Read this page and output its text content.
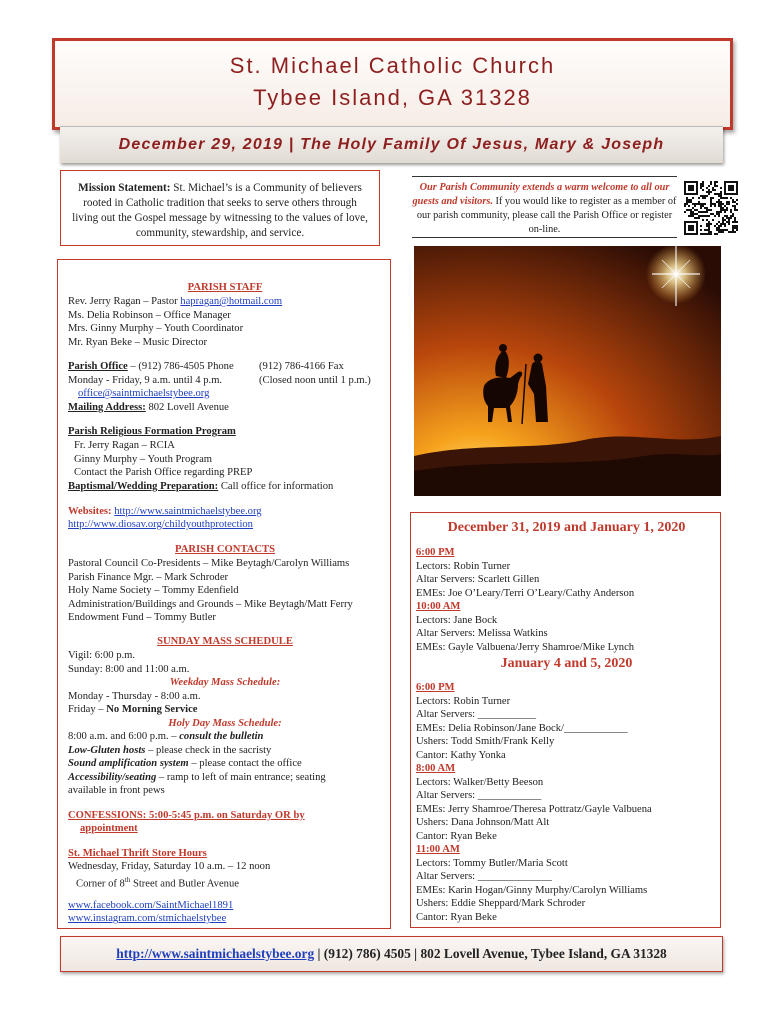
St. Michael Catholic Church
Tybee Island, GA 31328
December 29, 2019 | The Holy Family Of Jesus, Mary & Joseph
Mission Statement: St. Michael’s is a Community of believers rooted in Catholic tradition that seeks to serve others through living out the Gospel message by witnessing to the values of love, community, stewardship, and service.
Our Parish Community extends a warm welcome to all our guests and visitors. If you would like to register as a member of our parish community, please call the Parish Office or register on-line.
PARISH STAFF
Rev. Jerry Ragan – Pastor hapragan@hotmail.com
Ms. Delia Robinson – Office Manager
Mrs. Ginny Murphy – Youth Coordinator
Mr. Ryan Beke – Music Director
Parish Office – (912) 786-4505 Phone (912) 786-4166 Fax
Monday - Friday, 9 a.m. until 4 p.m.	(Closed noon until 1 p.m.)
office@saintmichaelstybee.org
Mailing Address: 802 Lovell Avenue
Parish Religious Formation Program
Fr. Jerry Ragan – RCIA
Ginny Murphy – Youth Program
Contact the Parish Office regarding PREP
Baptismal/Wedding Preparation: Call office for information
Websites: http://www.saintmichaelstybee.org
http://www.diosav.org/childyouthprotection
PARISH CONTACTS
Pastoral Council Co-Presidents – Mike Beytagh/Carolyn Williams
Parish Finance Mgr. – Mark Schroder
Holy Name Society – Tommy Edenfield
Administration/Buildings and Grounds – Mike Beytagh/Matt Ferry
Endowment Fund – Tommy Butler
SUNDAY MASS SCHEDULE
Vigil: 6:00 p.m.
Sunday: 8:00 and 11:00 a.m.
Weekday Mass Schedule:
Monday - Thursday - 8:00 a.m.
Friday – No Morning Service
Holy Day Mass Schedule:
8:00 a.m. and 6:00 p.m. – consult the bulletin
Low-Gluten hosts – please check in the sacristy
Sound amplification system – please contact the office
Accessibility/seating – ramp to left of main entrance; seating
available in front pews
CONFESSIONS: 5:00-5:45 p.m. on Saturday OR by
appointment
St. Michael Thrift Store Hours
Wednesday, Friday, Saturday 10 a.m. – 12 noon
Corner of 8th Street and Butler Avenue
www.facebook.com/SaintMichael1891
www.instagram.com/stmichaelstybee
December 31, 2019 and January 1, 2020
6:00 PM
Lectors: Robin Turner
Altar Servers: Scarlett Gillen
EMEs: Joe O’Leary/Terri O’Leary/Cathy Anderson
10:00 AM
Lectors: Jane Bock
Altar Servers: Melissa Watkins
EMEs: Gayle Valbuena/Jerry Shamroe/Mike Lynch
January 4 and 5, 2020
6:00 PM
Lectors: Robin Turner
Altar Servers: ___________
EMEs: Delia Robinson/Jane Bock/____________
Ushers: Todd Smith/Frank Kelly
Cantor: Kathy Yonka
8:00 AM
Lectors: Walker/Betty Beeson
Altar Servers: ____________
EMEs: Jerry Shamroe/Theresa Pottratz/Gayle Valbuena
Ushers: Dana Johnson/Matt Alt
Cantor: Ryan Beke
11:00 AM
Lectors: Tommy Butler/Maria Scott
Altar Servers: ______________
EMEs: Karin Hogan/Ginny Murphy/Carolyn Williams
Ushers: Eddie Sheppard/Mark Schroder
Cantor: Ryan Beke
http://www.saintmichaelstybee.org | (912) 786) 4505 | 802 Lovell Avenue, Tybee Island, GA 31328
